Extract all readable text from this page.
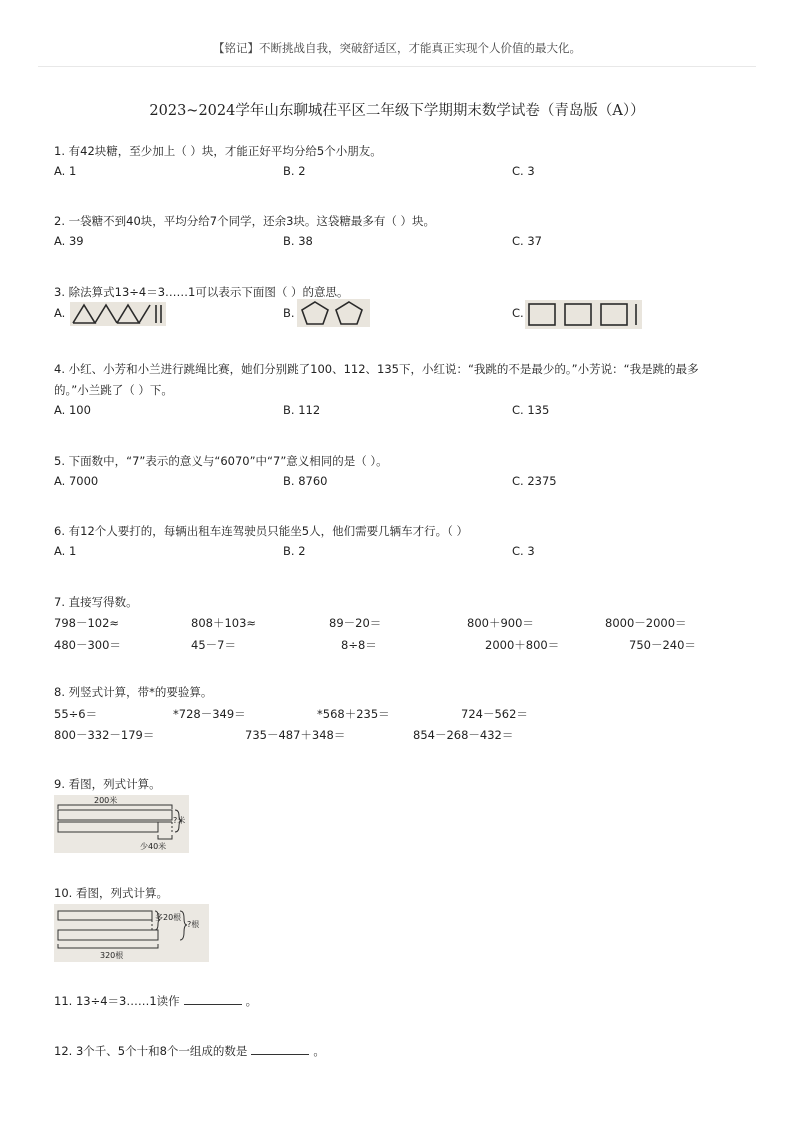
【铭记】不断挑战自我，突破舒适区，才能真正实现个人价值的最大化。
2023~2024学年山东聊城茌平区二年级下学期期末数学试卷（青岛版（A））
1. 有42块糖，至少加上（ ）块，才能正好平均分给5个小朋友。
A. 1	B. 2	C. 3
2. 一袋糖不到40块，平均分给7个同学，还余3块。这袋糖最多有（ ）块。
A. 39	B. 38	C. 37
3. 除法算式13÷4＝3……1可以表示下面图（ ）的意思。
A.	B.	C.
4. 小红、小芳和小兰进行跳绳比赛，她们分别跳了100、112、135下，小红说：“我跳的不是最少的。”小芳说：“我是跳的最多
的。”小兰跳了（ ）下。
A. 100	B. 112	C. 135
5. 下面数中，“7”表示的意义与“6070”中“7”意义相同的是（ ）。
A. 7000	B. 8760	C. 2375
6. 有12个人要打的，每辆出租车连驾驶员只能坐5人，他们需要几辆车才行。（ ）
A. 1	B. 2	C. 3
7. 直接写得数。
798－102≈	808＋103≈	89－20＝	800＋900＝	8000－2000＝
480－300＝	45－7＝	8÷8＝	2000＋800＝	750－240＝
8. 列竖式计算，带*的要验算。
55÷6＝	*728－349＝	*568＋235＝	724－562＝
800－332－179＝	735－487＋348＝	854－268－432＝
9. 看图，列式计算。
200米
?米
少40米
10. 看图，列式计算。
多20根
?根
320根
11. 13÷4＝3……1读作	。
12. 3个千、5个十和8个一组成的数是	。
